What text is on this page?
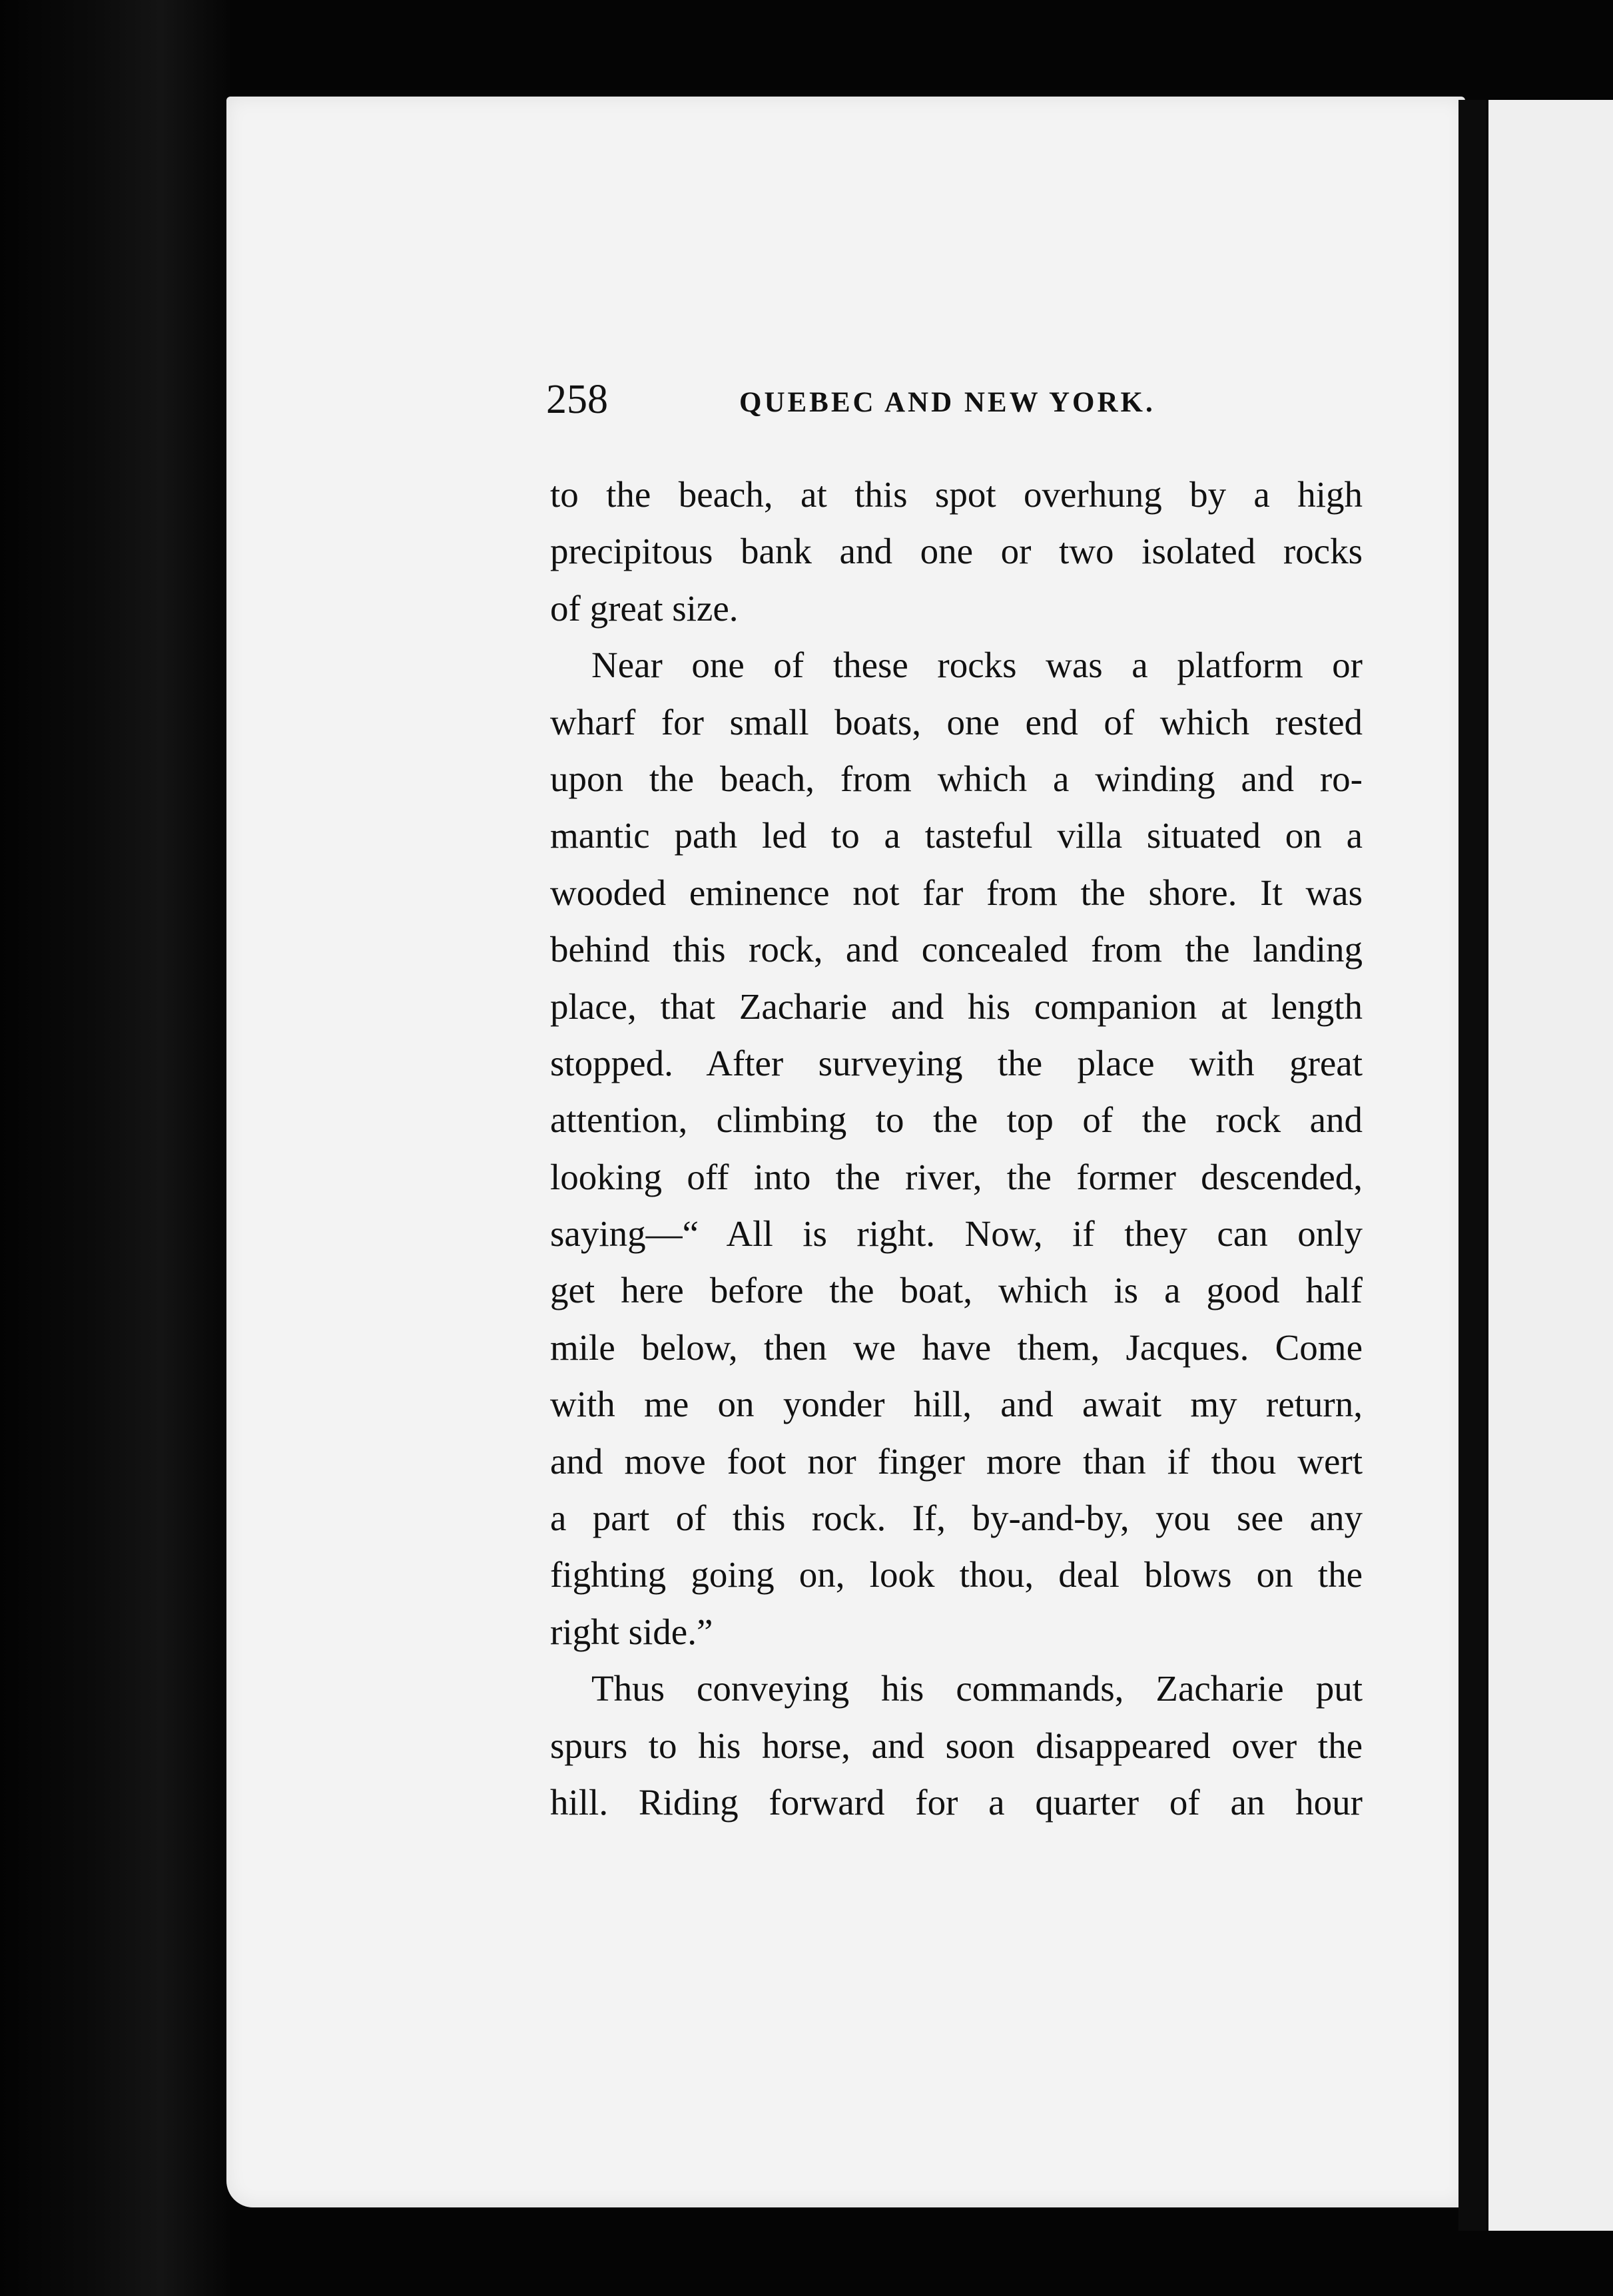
258	QUEBEC AND NEW YORK.
to the beach, at this spot overhung by a high
precipitous bank and one or two isolated rocks
of great size.
Near one of these rocks was a platform or
wharf for small boats, one end of which rested
upon the beach, from which a winding and ro-
mantic path led to a tasteful villa situated on a
wooded eminence not far from the shore. It was
behind this rock, and concealed from the landing
place, that Zacharie and his companion at length
stopped. After surveying the place with great
attention, climbing to the top of the rock and
looking off into the river, the former descended,
saying—“ All is right. Now, if they can only
get here before the boat, which is a good half
mile below, then we have them, Jacques. Come
with me on yonder hill, and await my return,
and move foot nor finger more than if thou wert
a part of this rock. If, by-and-by, you see any
fighting going on, look thou, deal blows on the
right side.”
Thus conveying his commands, Zacharie put
spurs to his horse, and soon disappeared over the
hill. Riding forward for a quarter of an hour
